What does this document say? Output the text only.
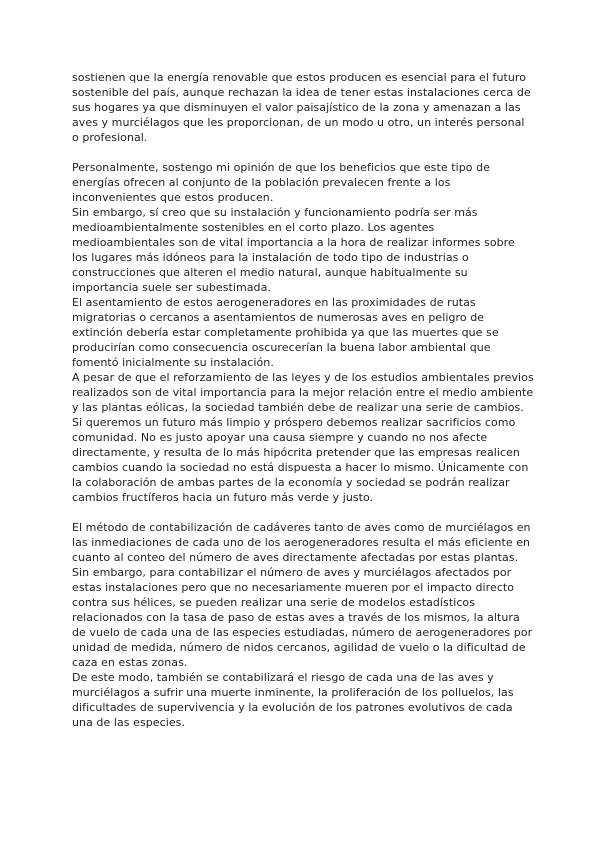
sostienen que la energía renovable que estos producen es esencial para el futuro sostenible del país, aunque rechazan la idea de tener estas instalaciones cerca de sus hogares ya que disminuyen el valor paisajístico de la zona y amenazan a las aves y murciélagos que les proporcionan, de un modo u otro, un interés personal o profesional.

Personalmente, sostengo mi opinión de que los beneficios que este tipo de energías ofrecen al conjunto de la población prevalecen frente a los inconvenientes que estos producen.

Sin embargo, sí creo que su instalación y funcionamiento podría ser más medioambientalmente sostenibles en el corto plazo. Los agentes medioambientales son de vital importancia a la hora de realizar informes sobre los lugares más idóneos para la instalación de todo tipo de industrias o construcciones que alteren el medio natural, aunque habitualmente su importancia suele ser subestimada.

El asentamiento de estos aerogeneradores en las proximidades de rutas migratorias o cercanos a asentamientos de numerosas aves en peligro de extinción debería estar completamente prohibida ya que las muertes que se producirían como consecuencia oscurecerían la buena labor ambiental que fomentó inicialmente su instalación.

A pesar de que el reforzamiento de las leyes y de los estudios ambientales previos realizados son de vital importancia para la mejor relación entre el medio ambiente y las plantas eólicas, la sociedad también debe de realizar una serie de cambios.

Si queremos un futuro más limpio y próspero debemos realizar sacrificios como comunidad. No es justo apoyar una causa siempre y cuando no nos afecte directamente, y resulta de lo más hipócrita pretender que las empresas realicen cambios cuando la sociedad no está dispuesta a hacer lo mismo. Únicamente con la colaboración de ambas partes de la economía y sociedad se podrán realizar cambios fructíferos hacia un futuro más verde y justo.

El método de contabilización de cadáveres tanto de aves como de murciélagos en las inmediaciones de cada uno de los aerogeneradores resulta el más eficiente en cuanto al conteo del número de aves directamente afectadas por estas plantas.

Sin embargo, para contabilizar el número de aves y murciélagos afectados por estas instalaciones pero que no necesariamente mueren por el impacto directo contra sus hélices, se pueden realizar una serie de modelos estadísticos relacionados con la tasa de paso de estas aves a través de los mismos, la altura de vuelo de cada una de las especies estudiadas, número de aerogeneradores por unidad de medida, número de nidos cercanos, agilidad de vuelo o la dificultad de caza en estas zonas.

De este modo, también se contabilizará el riesgo de cada una de las aves y murciélagos a sufrir una muerte inminente, la proliferación de los polluelos, las dificultades de supervivencia y la evolución de los patrones evolutivos de cada una de las especies.
